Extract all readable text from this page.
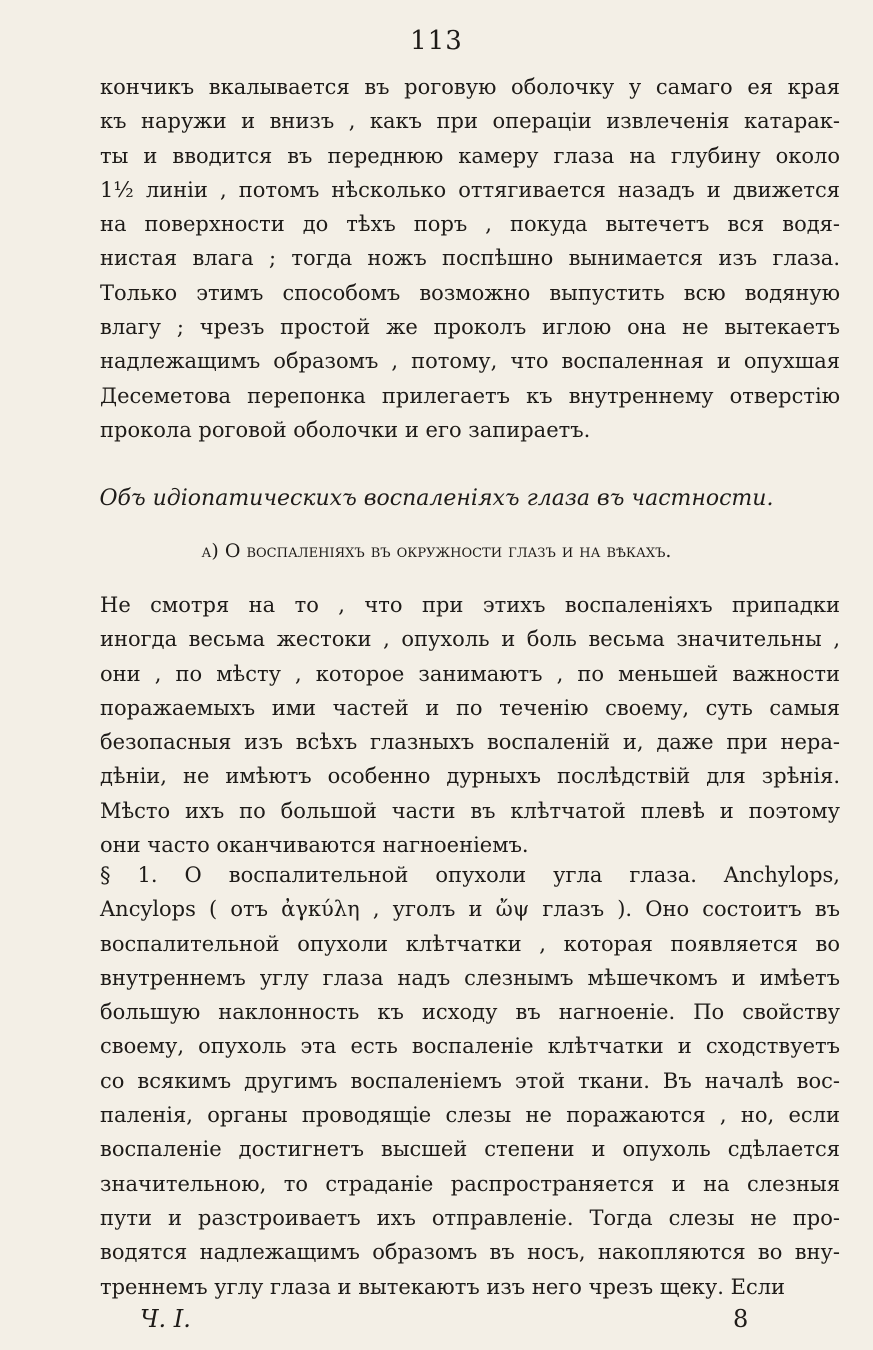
113
кончикъ вкалывается въ роговую оболочку у самаго ея края
къ наружи и внизъ , какъ при операціи извлеченія катарак-
ты и вводится въ переднюю камеру глаза на глубину около
1½ линіи , потомъ нѣсколько оттягивается назадъ и движется
на поверхности до тѣхъ поръ , покуда вытечетъ вся водя-
нистая влага ; тогда ножъ поспѣшно вынимается изъ глаза.
Только этимъ способомъ возможно выпустить всю водяную
влагу ; чрезъ простой же проколъ иглою она не вытекаетъ
надлежащимъ образомъ , потому, что воспаленная и опухшая
Десеметова перепонка прилегаетъ къ внутреннему отверстію
прокола роговой оболочки и его запираетъ.
Объ идіопатическихъ воспаленіяхъ глаза въ частности.
а) О воспаленіяхъ въ окружности глазъ и на вѣкахъ.
Не смотря на то , что при этихъ воспаленіяхъ припадки
иногда весьма жестоки , опухоль и боль весьма значительны ,
они , по мѣсту , которое занимаютъ , по меньшей важности
поражаемыхъ ими частей и по теченію своему, суть самыя
безопасныя изъ всѣхъ глазныхъ воспаленій и, даже при нера-
дѣніи, не имѣютъ особенно дурныхъ послѣдствій для зрѣнія.
Мѣсто ихъ по большой части въ клѣтчатой плевѣ и поэтому
они часто оканчиваются нагноеніемъ.
§ 1. О воспалительной опухоли угла глаза. Anchylops,
Ancylops ( отъ ἀγκύλη , уголъ и ὤψ глазъ ). Оно состоитъ въ
воспалительной опухоли клѣтчатки , которая появляется во
внутреннемъ углу глаза надъ слезнымъ мѣшечкомъ и имѣетъ
большую наклонность къ исходу въ нагноеніе. По свойству
своему, опухоль эта есть воспаленіе клѣтчатки и сходствуетъ
со всякимъ другимъ воспаленіемъ этой ткани. Въ началѣ вос-
паленія, органы проводящіе слезы не поражаются , но, если
воспаленіе достигнетъ высшей степени и опухоль сдѣлается
значительною, то страданіе распространяется и на слезныя
пути и разстроиваетъ ихъ отправленіе. Тогда слезы не про-
водятся надлежащимъ образомъ въ носъ, накопляются во вну-
треннемъ углу глаза и вытекаютъ изъ него чрезъ щеку. Если
Ч. I.	8
